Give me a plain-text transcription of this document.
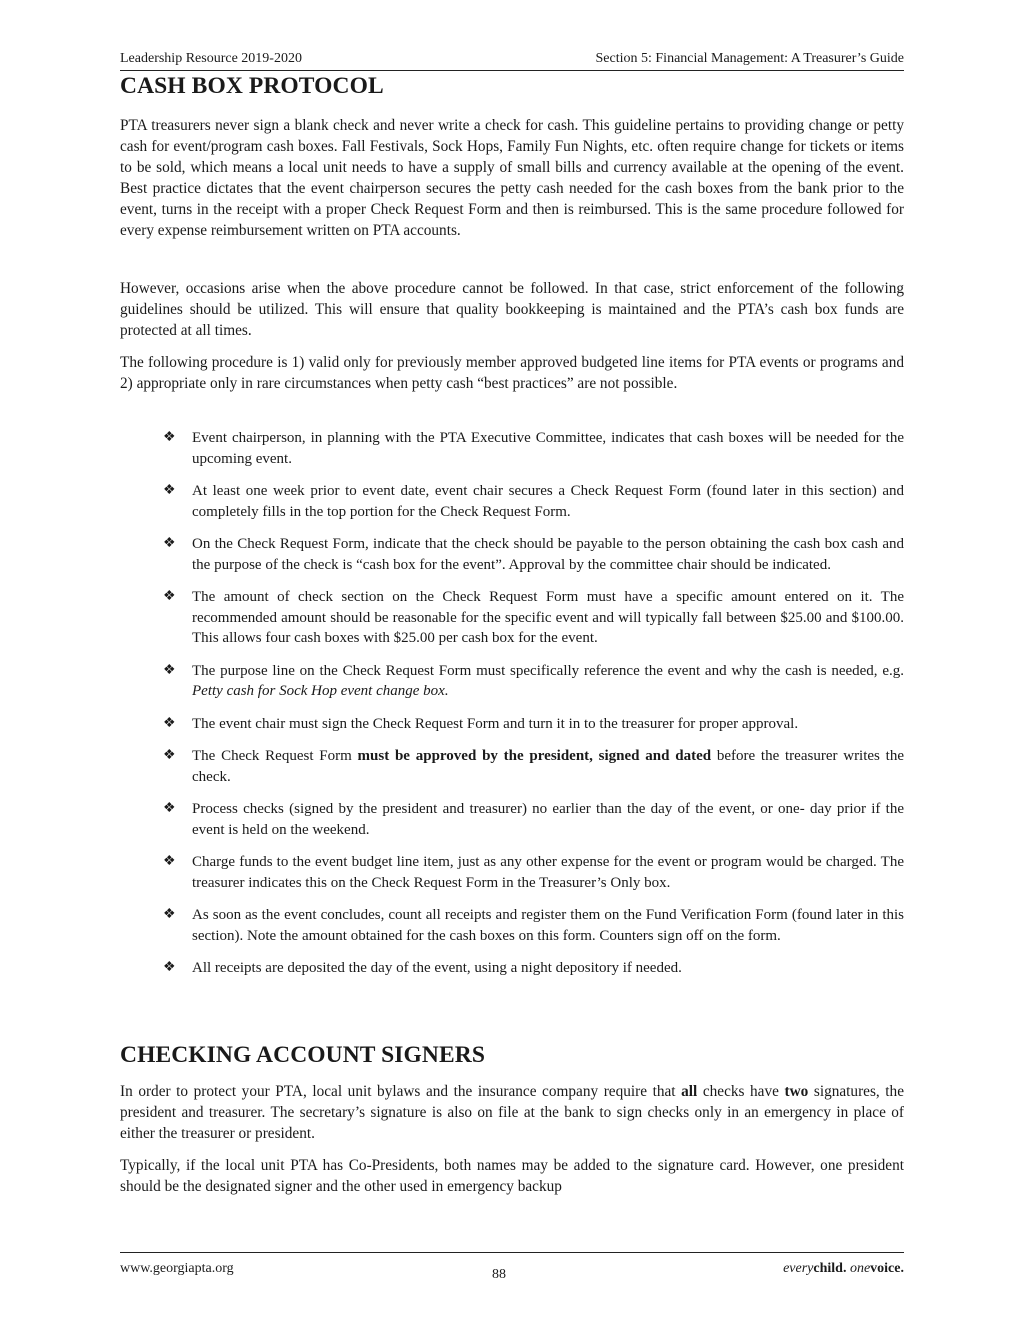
Leadership Resource 2019-2020	Section 5: Financial Management: A Treasurer’s Guide
CASH BOX PROTOCOL

PTA treasurers never sign a blank check and never write a check for cash. This guideline pertains to providing change or petty cash for event/program cash boxes. Fall Festivals, Sock Hops, Family Fun Nights, etc. often require change for tickets or items to be sold, which means a local unit needs to have a supply of small bills and currency available at the opening of the event. Best practice dictates that the event chairperson secures the petty cash needed for the cash boxes from the bank prior to the event, turns in the receipt with a proper Check Request Form and then is reimbursed. This is the same procedure followed for every expense reimbursement written on PTA accounts.

However, occasions arise when the above procedure cannot be followed. In that case, strict enforcement of the following guidelines should be utilized. This will ensure that quality bookkeeping is maintained and the PTA’s cash box funds are protected at all times.

The following procedure is 1) valid only for previously member approved budgeted line items for PTA events or programs and 2) appropriate only in rare circumstances when petty cash “best practices” are not possible.

❖ Event chairperson, in planning with the PTA Executive Committee, indicates that cash boxes will be needed for the upcoming event.
❖ At least one week prior to event date, event chair secures a Check Request Form (found later in this section) and completely fills in the top portion for the Check Request Form.
❖ On the Check Request Form, indicate that the check should be payable to the person obtaining the cash box cash and the purpose of the check is “cash box for the event”. Approval by the committee chair should be indicated.
❖ The amount of check section on the Check Request Form must have a specific amount entered on it. The recommended amount should be reasonable for the specific event and will typically fall between $25.00 and $100.00. This allows four cash boxes with $25.00 per cash box for the event.
❖ The purpose line on the Check Request Form must specifically reference the event and why the cash is needed, e.g. Petty cash for Sock Hop event change box.
❖ The event chair must sign the Check Request Form and turn it in to the treasurer for proper approval.
❖ The Check Request Form must be approved by the president, signed and dated before the treasurer writes the check.
❖ Process checks (signed by the president and treasurer) no earlier than the day of the event, or one- day prior if the event is held on the weekend.
❖ Charge funds to the event budget line item, just as any other expense for the event or program would be charged. The treasurer indicates this on the Check Request Form in the Treasurer’s Only box.
❖ As soon as the event concludes, count all receipts and register them on the Fund Verification Form (found later in this section). Note the amount obtained for the cash boxes on this form. Counters sign off on the form.
❖ All receipts are deposited the day of the event, using a night depository if needed.
CHECKING ACCOUNT SIGNERS

In order to protect your PTA, local unit bylaws and the insurance company require that all checks have two signatures, the president and treasurer. The secretary’s signature is also on file at the bank to sign checks only in an emergency in place of either the treasurer or president.

Typically, if the local unit PTA has Co-Presidents, both names may be added to the signature card. However, one president should be the designated signer and the other used in emergency backup

www.georgiapta.org	88	everychild. onevoice.
